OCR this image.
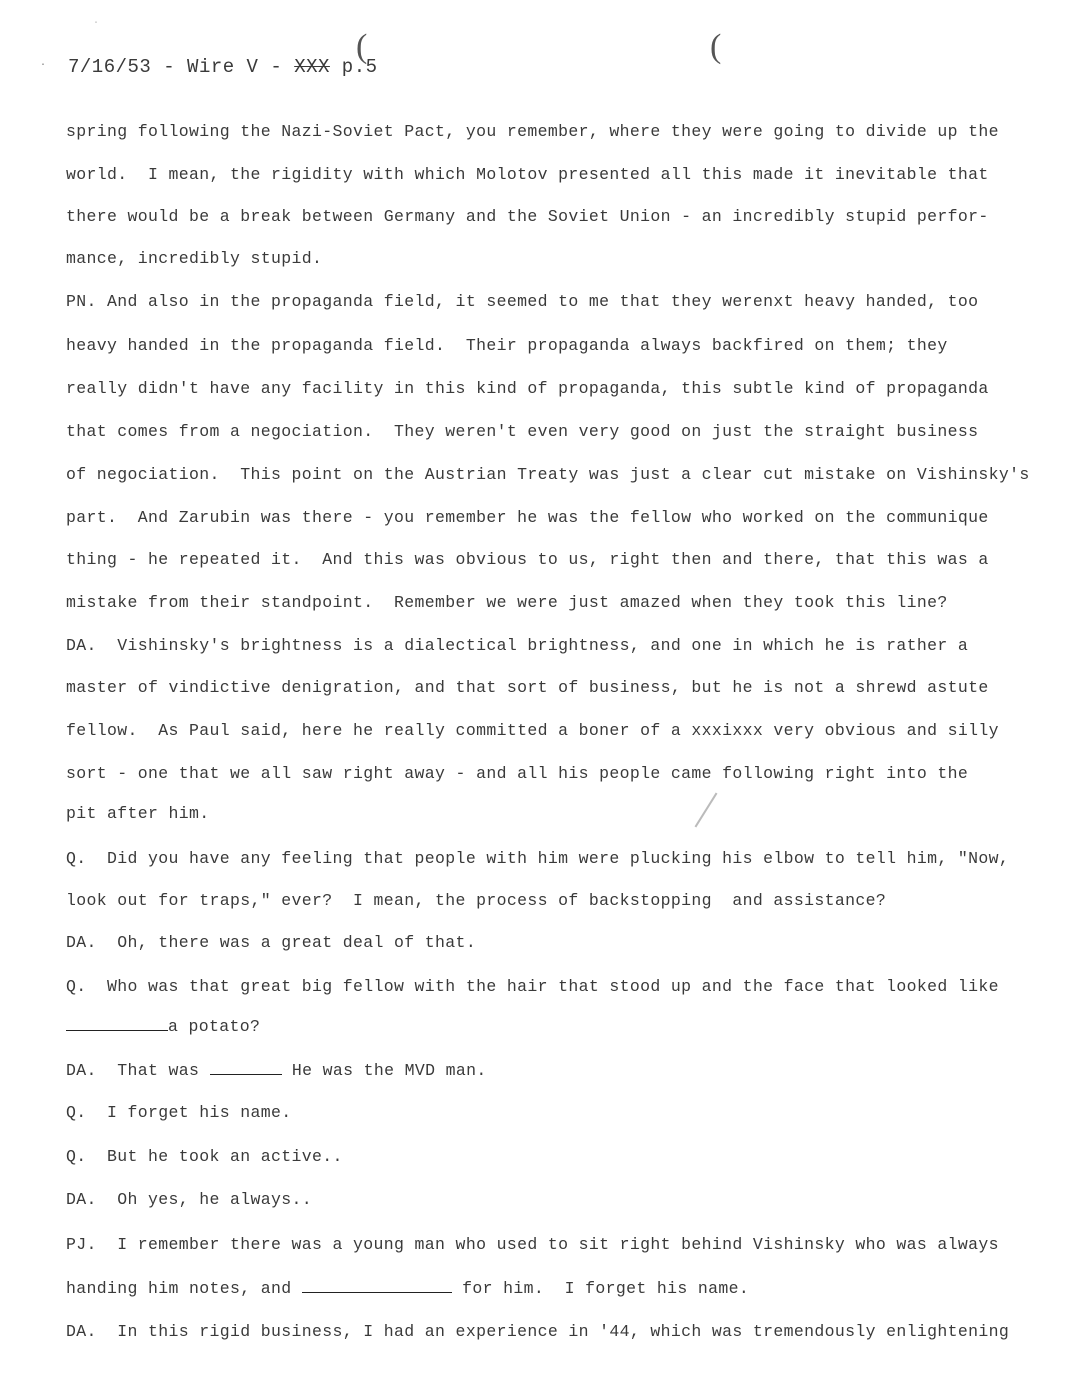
ˈ
· 7/16/53 - Wire V - XXX p.5
(	(
spring following the Nazi-Soviet Pact, you remember, where they were going to divide up the
world.  I mean, the rigidity with which Molotov presented all this made it inevitable that
there would be a break between Germany and the Soviet Union - an incredibly stupid perfor-
mance, incredibly stupid.
PN. And also in the propaganda field, it seemed to me that they werenxt heavy handed, too
heavy handed in the propaganda field.  Their propaganda always backfired on them; they
really didn't have any facility in this kind of propaganda, this subtle kind of propaganda
that comes from a negociation.  They weren't even very good on just the straight business
of negociation.  This point on the Austrian Treaty was just a clear cut mistake on Vishinsky's
part.  And Zarubin was there - you remember he was the fellow who worked on the communique
thing - he repeated it.  And this was obvious to us, right then and there, that this was a
mistake from their standpoint.  Remember we were just amazed when they took this line?
DA.  Vishinsky's brightness is a dialectical brightness, and one in which he is rather a
master of vindictive denigration, and that sort of business, but he is not a shrewd astute
fellow.  As Paul said, here he really committed a boner of a xxxixxx very obvious and silly
sort - one that we all saw right away - and all his people came following right into the
pit after him.
Q.  Did you have any feeling that people with him were plucking his elbow to tell him, "Now,
look out for traps," ever?  I mean, the process of backstopping  and assistance?
DA.  Oh, there was a great deal of that.
Q.  Who was that great big fellow with the hair that stood up and the face that looked like
a potato?
DA.  That was	He was the MVD man.
Q.  I forget his name.
Q.  But he took an active..
DA.  Oh yes, he always..
PJ.  I remember there was a young man who used to sit right behind Vishinsky who was always
handing him notes, and	for him.  I forget his name.
DA.  In this rigid business, I had an experience in '44, which was tremendously enlightening
